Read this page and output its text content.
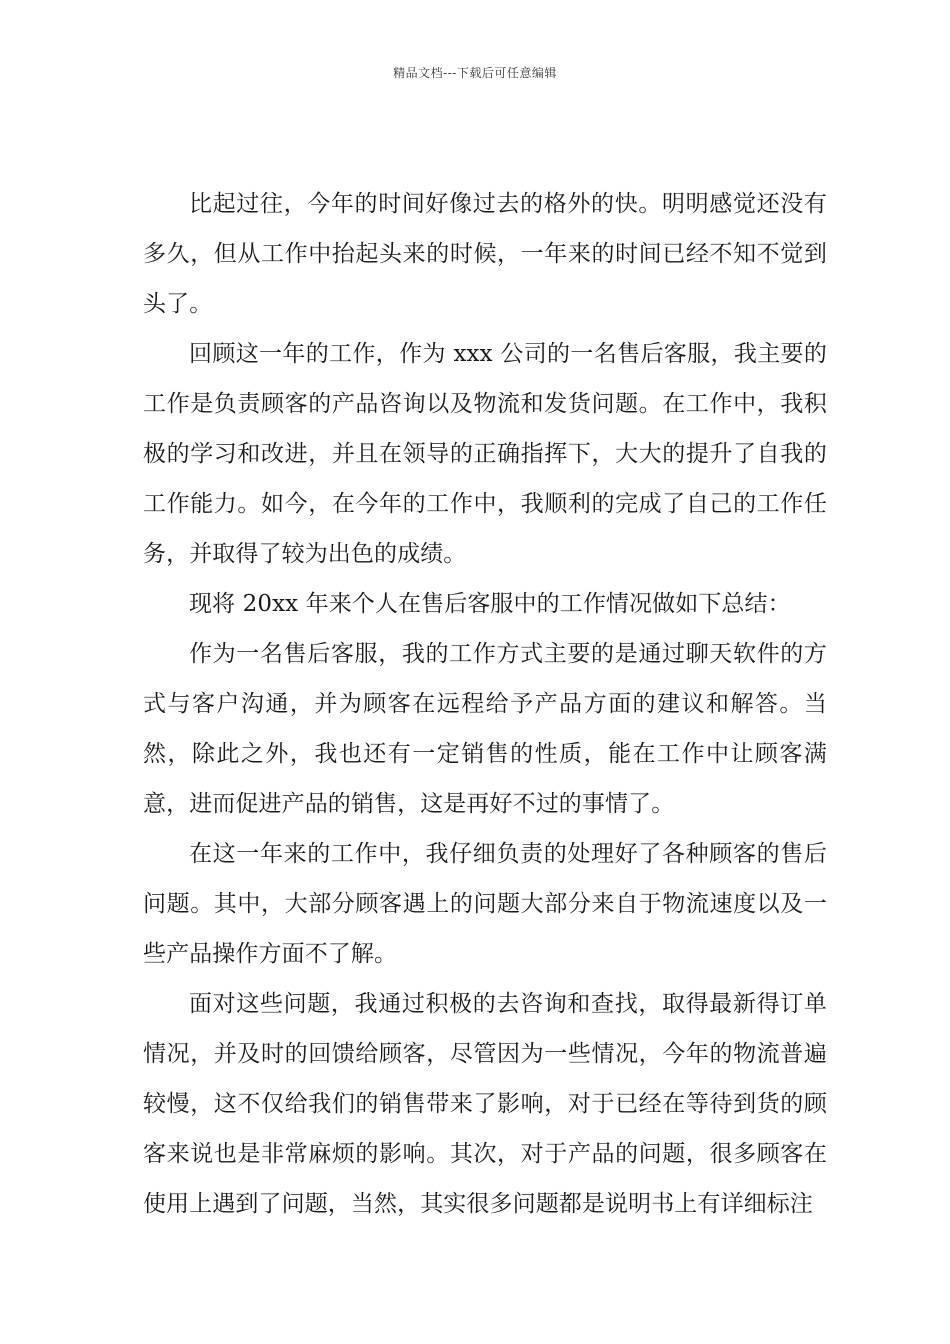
精品文档---下载后可任意编辑

比起过往，今年的时间好像过去的格外的快。明明感觉还没有多久，但从工作中抬起头来的时候，一年来的时间已经不知不觉到头了。

回顾这一年的工作，作为 xxx 公司的一名售后客服，我主要的工作是负责顾客的产品咨询以及物流和发货问题。在工作中，我积极的学习和改进，并且在领导的正确指挥下，大大的提升了自我的工作能力。如今，在今年的工作中，我顺利的完成了自己的工作任务，并取得了较为出色的成绩。

现将 20xx 年来个人在售后客服中的工作情况做如下总结：

作为一名售后客服，我的工作方式主要的是通过聊天软件的方式与客户沟通，并为顾客在远程给予产品方面的建议和解答。当然，除此之外，我也还有一定销售的性质，能在工作中让顾客满意，进而促进产品的销售，这是再好不过的事情了。

在这一年来的工作中，我仔细负责的处理好了各种顾客的售后问题。其中，大部分顾客遇上的问题大部分来自于物流速度以及一些产品操作方面不了解。

面对这些问题，我通过积极的去咨询和查找，取得最新得订单情况，并及时的回馈给顾客，尽管因为一些情况，今年的物流普遍较慢，这不仅给我们的销售带来了影响，对于已经在等待到货的顾客来说也是非常麻烦的影响。其次，对于产品的问题，很多顾客在使用上遇到了问题，当然，其实很多问题都是说明书上有详细标注
